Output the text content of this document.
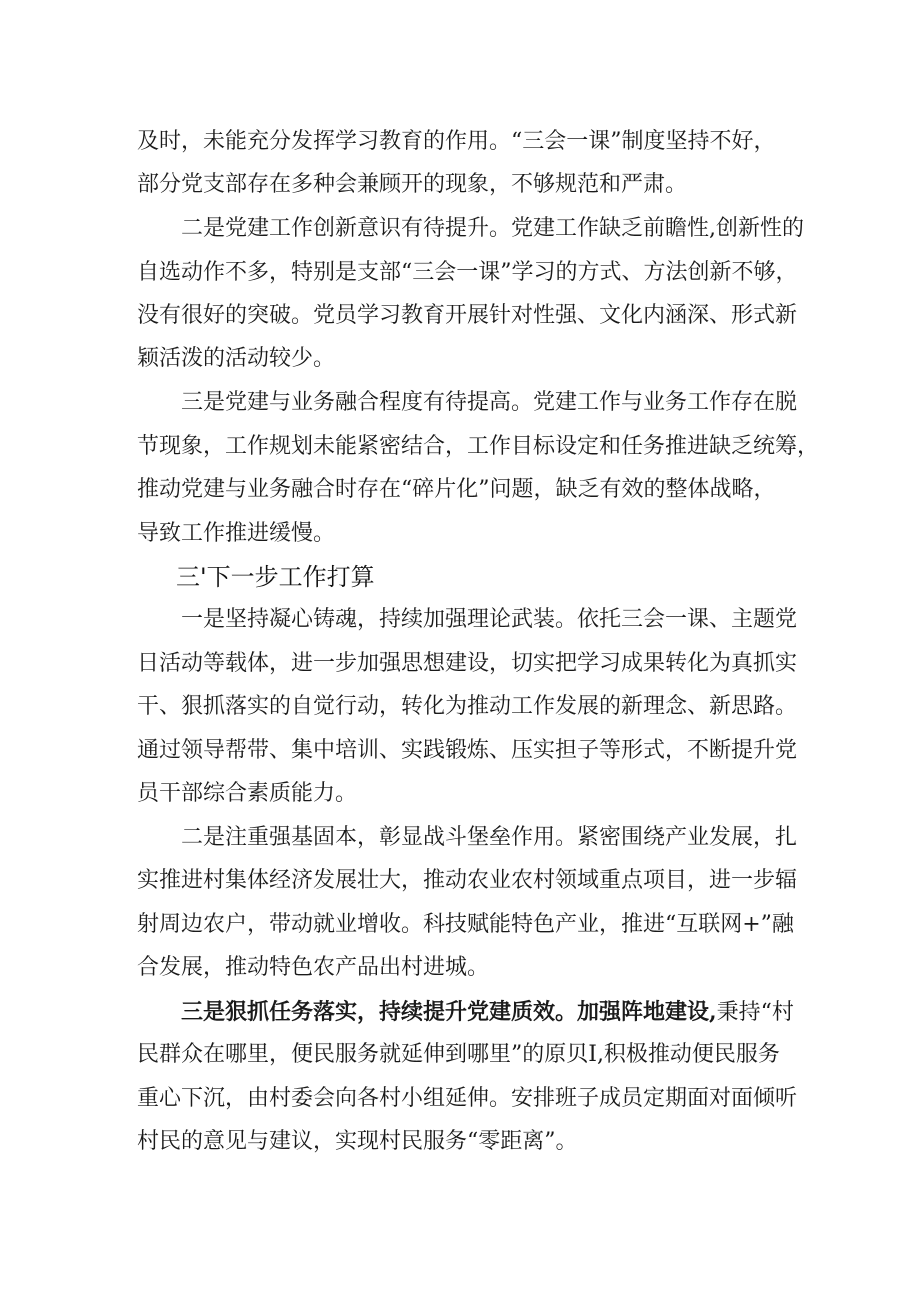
及时，未能充分发挥学习教育的作用。“三会一课”制度坚持不好，
部分党支部存在多种会兼顾开的现象，不够规范和严肃。
二是党建工作创新意识有待提升。党建工作缺乏前瞻性,创新性的
自选动作不多，特别是支部“三会一课”学习的方式、方法创新不够，
没有很好的突破。党员学习教育开展针对性强、文化内涵深、形式新
颖活泼的活动较少。
三是党建与业务融合程度有待提高。党建工作与业务工作存在脱
节现象，工作规划未能紧密结合，工作目标设定和任务推进缺乏统筹，
推动党建与业务融合时存在“碎片化”问题，缺乏有效的整体战略，
导致工作推进缓慢。
三'下一步工作打算
一是坚持凝心铸魂，持续加强理论武装。依托三会一课、主题党
日活动等载体，进一步加强思想建设，切实把学习成果转化为真抓实
干、狠抓落实的自觉行动，转化为推动工作发展的新理念、新思路。
通过领导帮带、集中培训、实践锻炼、压实担子等形式，不断提升党
员干部综合素质能力。
二是注重强基固本，彰显战斗堡垒作用。紧密围绕产业发展，扎
实推进村集体经济发展壮大，推动农业农村领域重点项目，进一步辐
射周边农户，带动就业增收。科技赋能特色产业，推进“互联网+”融
合发展，推动特色农产品出村进城。
三是狠抓任务落实，持续提升党建质效。加强阵地建设,秉持“村
民群众在哪里，便民服务就延伸到哪里”的原贝I,积极推动便民服务
重心下沉，由村委会向各村小组延伸。安排班子成员定期面对面倾听
村民的意见与建议，实现村民服务“零距离”。
